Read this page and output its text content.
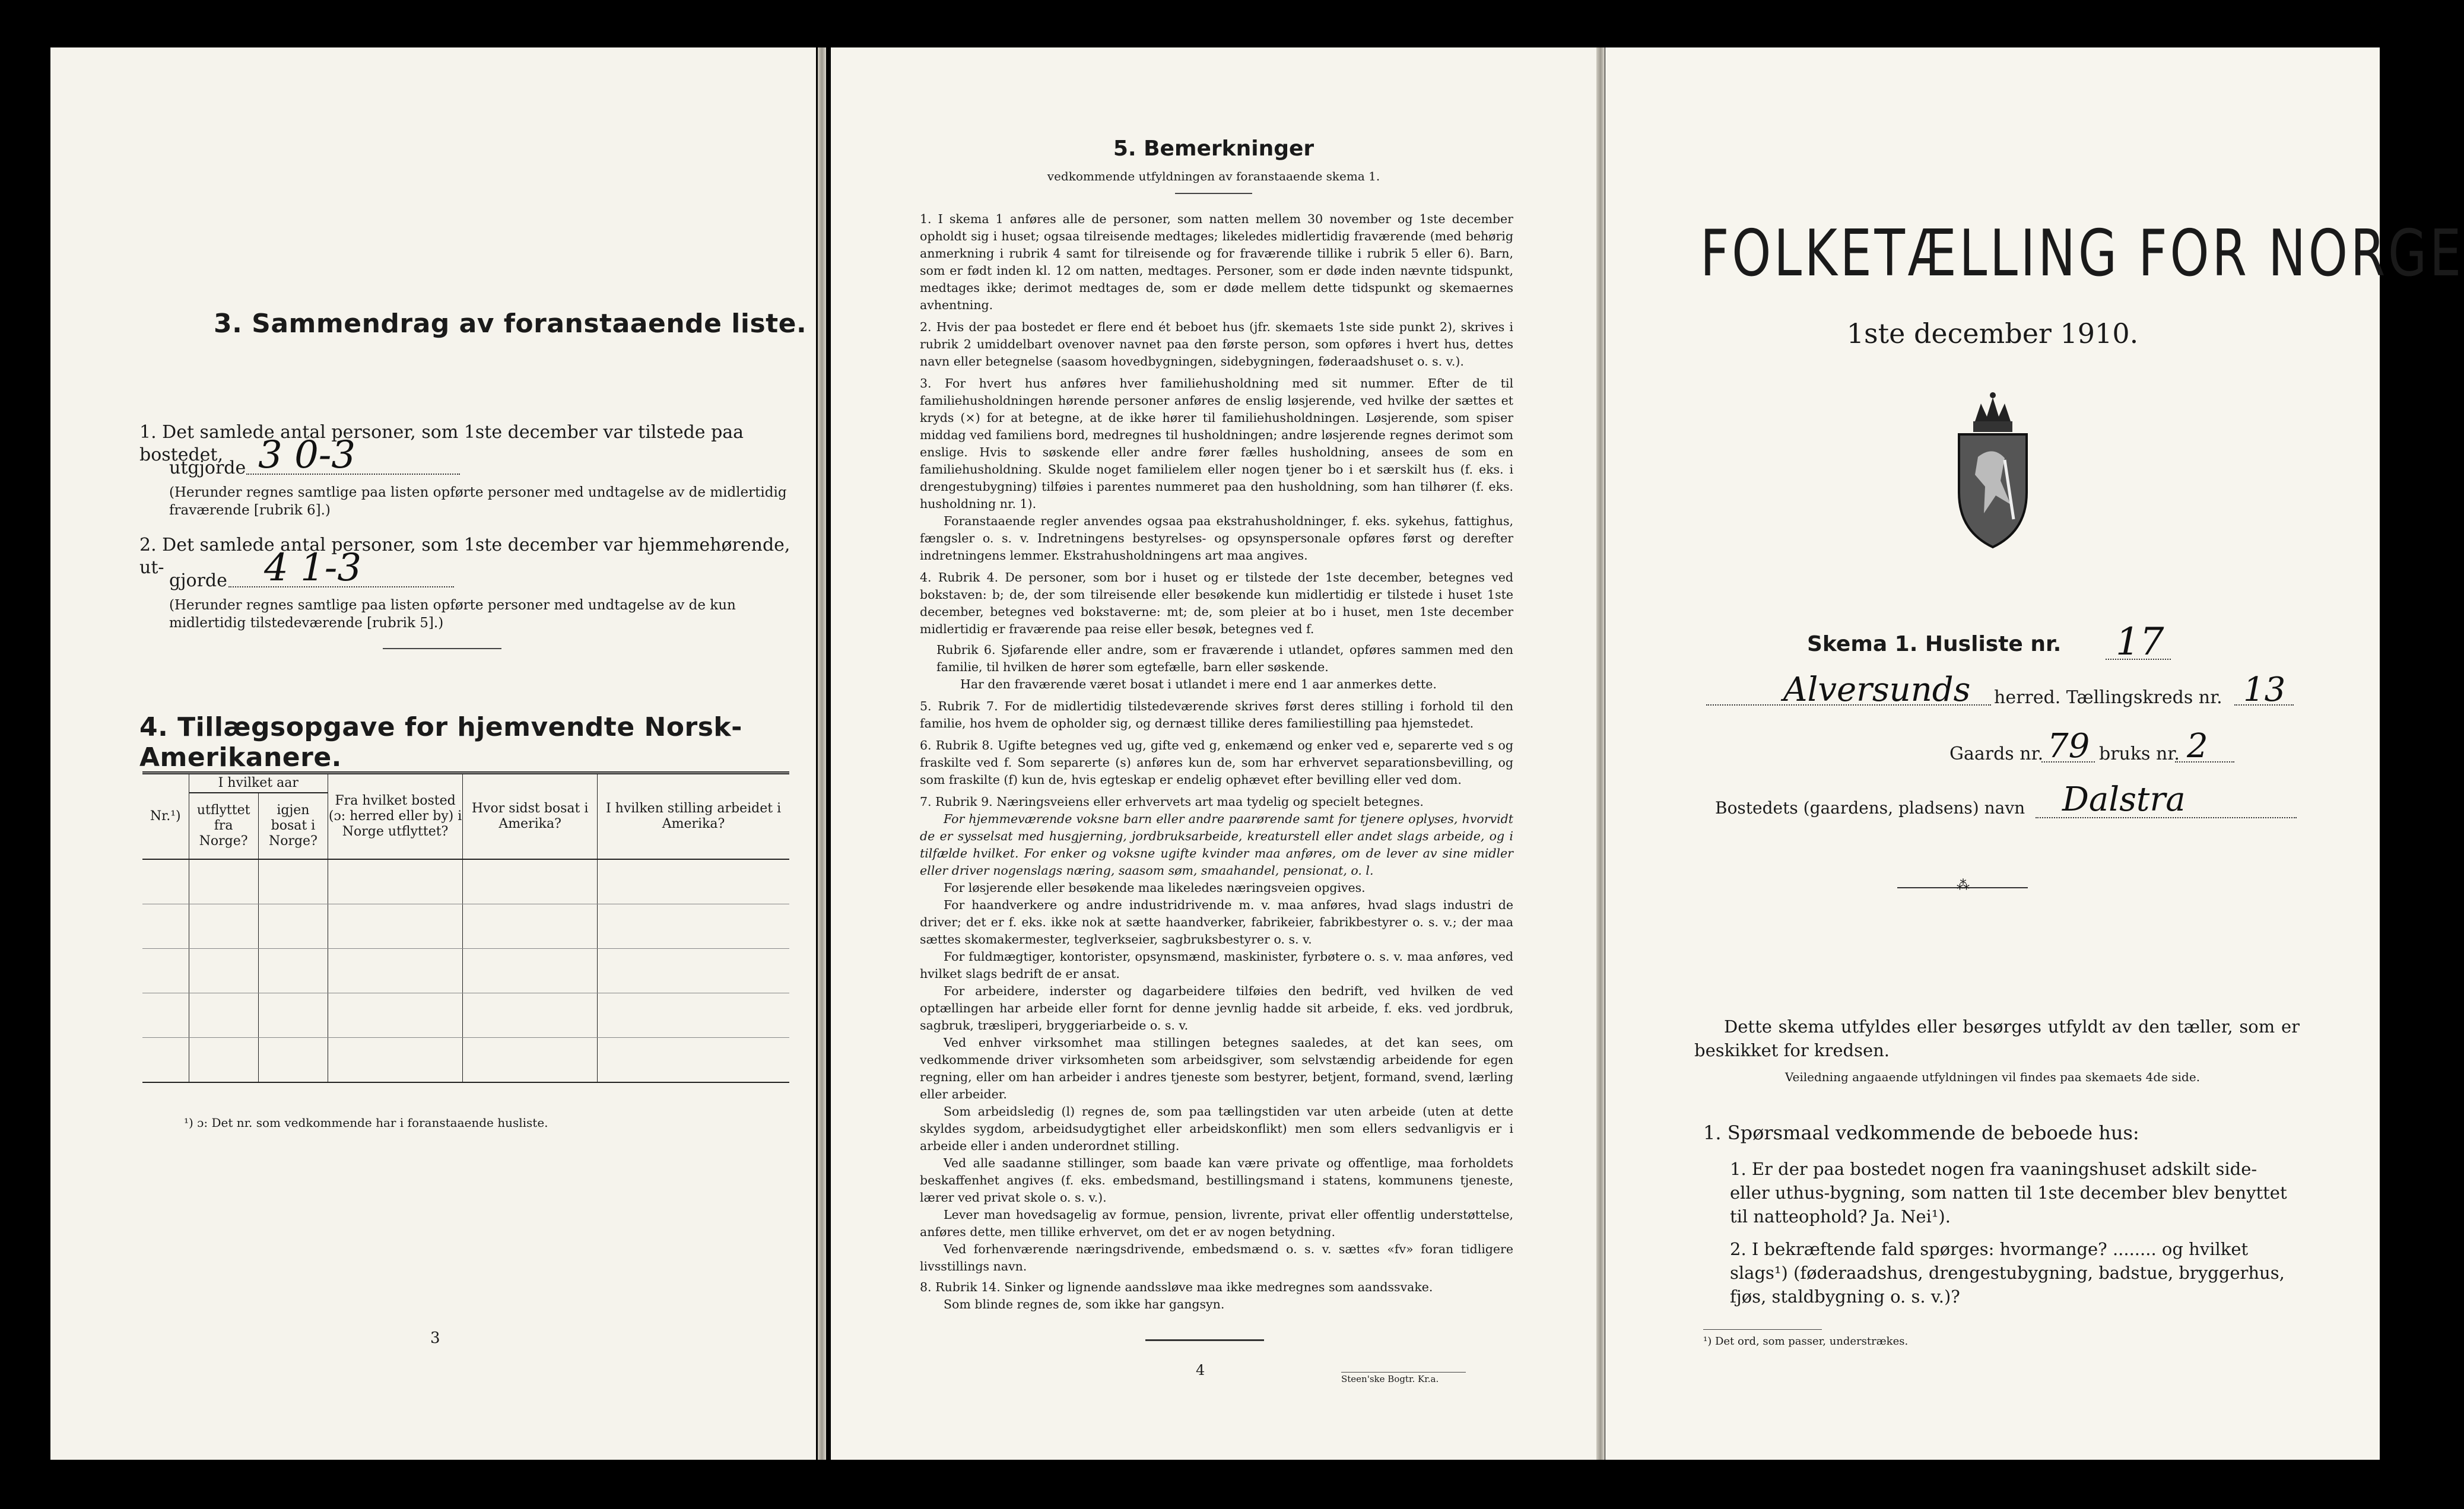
3. Sammendrag av foranstaaende liste.
1. Det samlede antal personer, som 1ste december var tilstede paa bostedet,
utgjorde 3 0-3
(Herunder regnes samtlige paa listen opførte personer med undtagelse av de midlertidig fraværende [rubrik 6].)
2. Det samlede antal personer, som 1ste december var hjemmehørende, ut-
gjorde 4 1-3
(Herunder regnes samtlige paa listen opførte personer med undtagelse av de kun midlertidig tilstedeværende [rubrik 5].)
4. Tillægsopgave for hjemvendte Norsk-Amerikanere.
Nr.¹)	I hvilket aar		Fra hvilket bosted (ɔ: herred eller by) i Norge utflyttet?	Hvor sidst bosat i Amerika?	I hvilken stilling arbeidet i Amerika?
	utflyttet fra Norge?	igjen bosat i Norge?			

¹) ɔ: Det nr. som vedkommende har i foranstaaende husliste.
3
5. Bemerkninger
vedkommende utfyldningen av foranstaaende skema 1.

1. I skema 1 anføres alle de personer, som natten mellem 30 november og 1ste december opholdt sig i huset; ogsaa tilreisende medtages; likeledes midlertidig fraværende (med behørig anmerkning i rubrik 4 samt for tilreisende og for fraværende tillike i rubrik 5 eller 6). Barn, som er født inden kl. 12 om natten, medtages. Personer, som er døde inden nævnte tidspunkt, medtages ikke; derimot medtages de, som er døde mellem dette tidspunkt og skemaernes avhentning.

2. Hvis der paa bostedet er flere end ét beboet hus (jfr. skemaets 1ste side punkt 2), skrives i rubrik 2 umiddelbart ovenover navnet paa den første person, som opføres i hvert hus, dettes navn eller betegnelse (saasom hovedbygningen, sidebygningen, føderaadshuset o. s. v.).

3. For hvert hus anføres hver familiehusholdning med sit nummer. Efter de til familiehusholdningen hørende personer anføres de enslig løsjerende, ved hvilke der sættes et kryds (×) for at betegne, at de ikke hører til familiehusholdningen. Løsjerende, som spiser middag ved familiens bord, medregnes til husholdningen; andre løsjerende regnes derimot som enslige. Hvis to søskende eller andre fører fælles husholdning, ansees de som en familiehusholdning. Skulde noget familielem eller nogen tjener bo i et særskilt hus (f. eks. i drengestubygning) tilføies i parentes nummeret paa den husholdning, som han tilhører (f. eks. husholdning nr. 1).

Foranstaaende regler anvendes ogsaa paa ekstrahusholdninger, f. eks. sykehus, fattighus, fængsler o. s. v. Indretningens bestyrelses- og opsynspersonale opføres først og derefter indretningens lemmer. Ekstrahusholdningens art maa angives.

4. Rubrik 4. De personer, som bor i huset og er tilstede der 1ste december, betegnes ved bokstaven: b; de, der som tilreisende eller besøkende kun midlertidig er tilstede i huset 1ste december, betegnes ved bokstaverne: mt; de, som pleier at bo i huset, men 1ste december midlertidig er fraværende paa reise eller besøk, betegnes ved f.

Rubrik 6. Sjøfarende eller andre, som er fraværende i utlandet, opføres sammen med den familie, til hvilken de hører som egtefælle, barn eller søskende.

Har den fraværende været bosat i utlandet i mere end 1 aar anmerkes dette.

5. Rubrik 7. For de midlertidig tilstedeværende skrives først deres stilling i forhold til den familie, hos hvem de opholder sig, og dernæst tillike deres familiestilling paa hjemstedet.

6. Rubrik 8. Ugifte betegnes ved ug, gifte ved g, enkemænd og enker ved e, separerte ved s og fraskilte ved f. Som separerte (s) anføres kun de, som har erhvervet separationsbevilling, og som fraskilte (f) kun de, hvis egteskap er endelig ophævet efter bevilling eller ved dom.

7. Rubrik 9. Næringsveiens eller erhvervets art maa tydelig og specielt betegnes.

For hjemmeværende voksne barn eller andre paarørende samt for tjenere oplyses, hvorvidt de er sysselsat med husgjerning, jordbruksarbeide, kreaturstell eller andet slags arbeide, og i tilfælde hvilket. For enker og voksne ugifte kvinder maa anføres, om de lever av sine midler eller driver nogenslags næring, saasom søm, smaahandel, pensionat, o. l.

For løsjerende eller besøkende maa likeledes næringsveien opgives.

For haandverkere og andre industridrivende m. v. maa anføres, hvad slags industri de driver; det er f. eks. ikke nok at sætte haandverker, fabrikeier, fabrikbestyrer o. s. v.; der maa sættes skomakermester, teglverkseier, sagbruksbestyrer o. s. v.

For fuldmægtiger, kontorister, opsynsmænd, maskinister, fyrbøtere o. s. v. maa anføres, ved hvilket slags bedrift de er ansat.

For arbeidere, inderster og dagarbeidere tilføies den bedrift, ved hvilken de ved optællingen har arbeide eller fornt for denne jevnlig hadde sit arbeide, f. eks. ved jordbruk, sagbruk, træsliperi, bryggeriarbeide o. s. v.

Ved enhver virksomhet maa stillingen betegnes saaledes, at det kan sees, om vedkommende driver virksomheten som arbeidsgiver, som selvstændig arbeidende for egen regning, eller om han arbeider i andres tjeneste som bestyrer, betjent, formand, svend, lærling eller arbeider.

Som arbeidsledig (l) regnes de, som paa tællingstiden var uten arbeide (uten at dette skyldes sygdom, arbeidsudygtighet eller arbeidskonflikt) men som ellers sedvanligvis er i arbeide eller i anden underordnet stilling.

Ved alle saadanne stillinger, som baade kan være private og offentlige, maa forholdets beskaffenhet angives (f. eks. embedsmand, bestillingsmand i statens, kommunens tjeneste, lærer ved privat skole o. s. v.).

Lever man hovedsagelig av formue, pension, livrente, privat eller offentlig understøttelse, anføres dette, men tillike erhvervet, om det er av nogen betydning.

Ved forhenværende næringsdrivende, embedsmænd o. s. v. sættes «fv» foran tidligere livsstillings navn.

8. Rubrik 14. Sinker og lignende aandssløve maa ikke medregnes som aandssvake.

Som blinde regnes de, som ikke har gangsyn.

4
Steen'ske Bogtr. Kr.a.
FOLKETÆLLING FOR NORGE
1ste december 1910.
Skema 1. Husliste nr. 17
Alversunds herred. Tællingskreds nr. 13
Gaards nr. 79 bruks nr. 2
Bostedets (gaardens, pladsens) navn Dalstra
⁂
Dette skema utfyldes eller besørges utfyldt av den tæller, som er beskikket for kredsen.
Veiledning angaaende utfyldningen vil findes paa skemaets 4de side.
1. Spørsmaal vedkommende de beboede hus:
1. Er der paa bostedet nogen fra vaaningshuset adskilt side- eller uthus-bygning, som natten til 1ste december blev benyttet til natteophold? Ja. Nei¹).
2. I bekræftende fald spørges: hvormange? ........ og hvilket slags¹) (føderaadshus, drengestubygning, badstue, bryggerhus, fjøs, staldbygning o. s. v.)?
¹) Det ord, som passer, understrækes.
